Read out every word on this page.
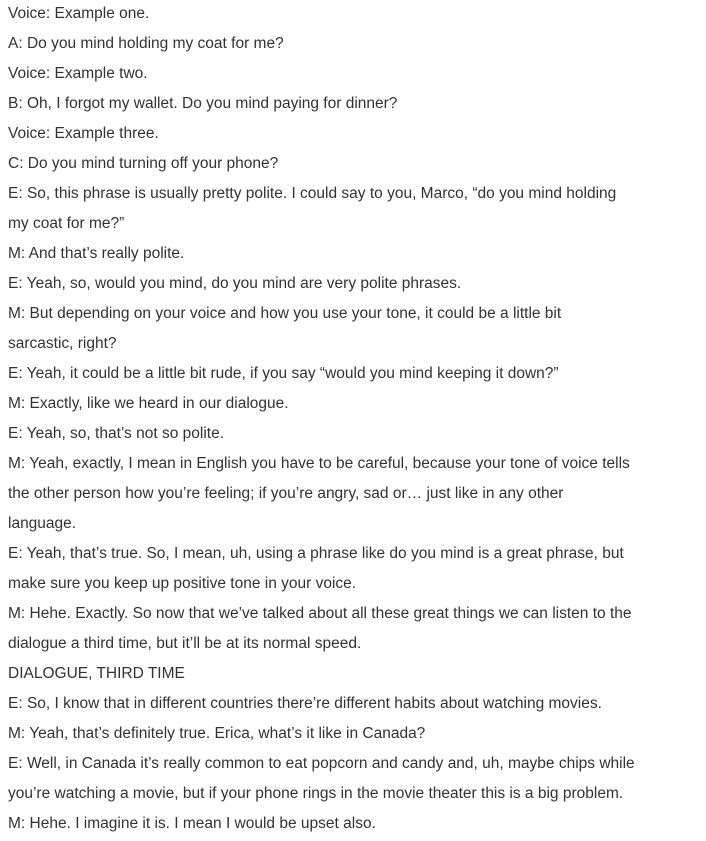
Voice: Example one.

A: Do you mind holding my coat for me?

Voice: Example two.

B: Oh, I forgot my wallet. Do you mind paying for dinner?

Voice: Example three.

C: Do you mind turning off your phone?

E: So, this phrase is usually pretty polite. I could say to you, Marco, “do you mind holding

my coat for me?”

M: And that’s really polite.

E: Yeah, so, would you mind, do you mind are very polite phrases.

M: But depending on your voice and how you use your tone, it could be a little bit

sarcastic, right?

E: Yeah, it could be a little bit rude, if you say “would you mind keeping it down?”

M: Exactly, like we heard in our dialogue.

E: Yeah, so, that’s not so polite.

M: Yeah, exactly, I mean in English you have to be careful, because your tone of voice tells

the other person how you’re feeling; if you’re angry, sad or… just like in any other

language.

E: Yeah, that’s true. So, I mean, uh, using a phrase like do you mind is a great phrase, but

make sure you keep up positive tone in your voice.

M: Hehe. Exactly. So now that we’ve talked about all these great things we can listen to the

dialogue a third time, but it’ll be at its normal speed.

DIALOGUE, THIRD TIME

E: So, I know that in different countries there’re different habits about watching movies.

M: Yeah, that’s definitely true. Erica, what’s it like in Canada?

E: Well, in Canada it’s really common to eat popcorn and candy and, uh, maybe chips while

you’re watching a movie, but if your phone rings in the movie theater this is a big problem.

M: Hehe. I imagine it is. I mean I would be upset also.
